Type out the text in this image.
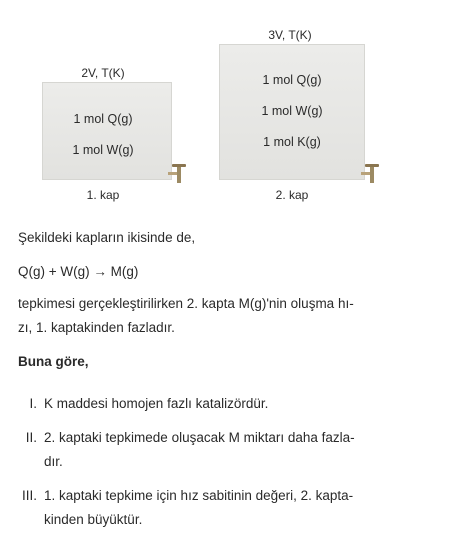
2V, T(K)
1 mol Q(g)
1 mol W(g)
1. kap
3V, T(K)
1 mol Q(g)
1 mol W(g)
1 mol K(g)
2. kap
Şekildeki kapların ikisinde de,
Q(g) + W(g) → M(g)
tepkimesi gerçekleştirilirken 2. kapta M(g)'nin oluşma hı-
zı, 1. kaptakinden fazladır.
Buna göre,
I. K maddesi homojen fazlı katalizördür.
II. 2. kaptaki tepkimede oluşacak M miktarı daha fazla-
dır.
III. 1. kaptaki tepkime için hız sabitinin değeri, 2. kapta-
kinden büyüktür.
